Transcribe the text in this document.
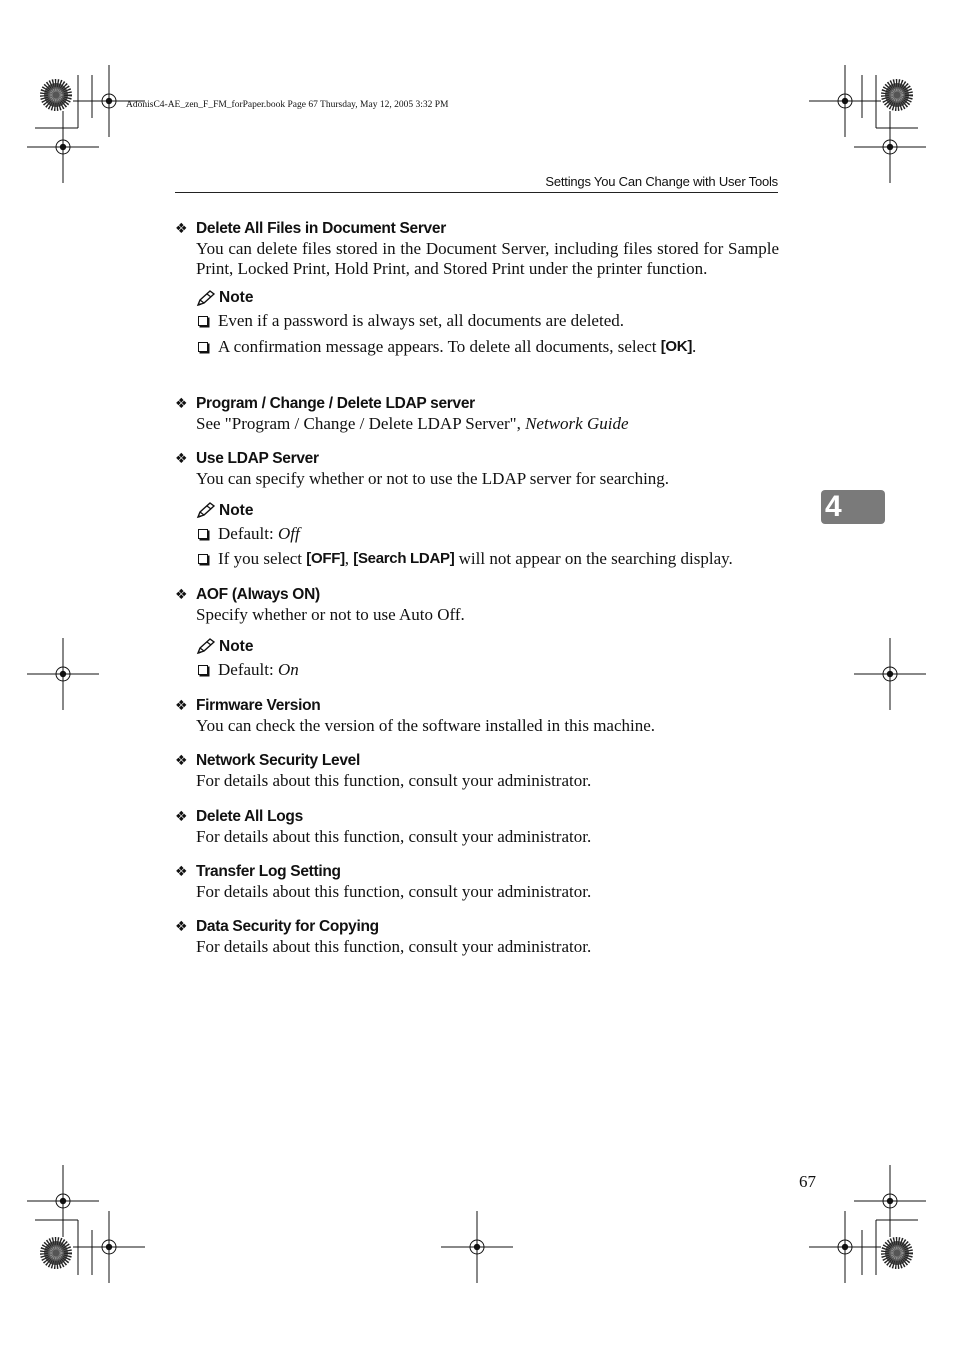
AdonisC4-AE_zen_F_FM_forPaper.book Page 67 Thursday, May 12, 2005 3:32 PM
Settings You Can Change with User Tools
4
❖ Delete All Files in Document Server
You can delete files stored in the Document Server, including files stored for Sample Print, Locked Print, Hold Print, and Stored Print under the printer function.
Note
Even if a password is always set, all documents are deleted.
A confirmation message appears. To delete all documents, select [OK] .
❖ Program / Change / Delete LDAP server
See "Program / Change / Delete LDAP Server", Network Guide
❖ Use LDAP Server
You can specify whether or not to use the LDAP server for searching.
Note
Default: Off
If you select [OFF] , [Search LDAP] will not appear on the searching display.
❖ AOF (Always ON)
Specify whether or not to use Auto Off.
Note
Default: On
❖ Firmware Version
You can check the version of the software installed in this machine.
❖ Network Security Level
For details about this function, consult your administrator.
❖ Delete All Logs
For details about this function, consult your administrator.
❖ Transfer Log Setting
For details about this function, consult your administrator.
❖ Data Security for Copying
For details about this function, consult your administrator.
67
